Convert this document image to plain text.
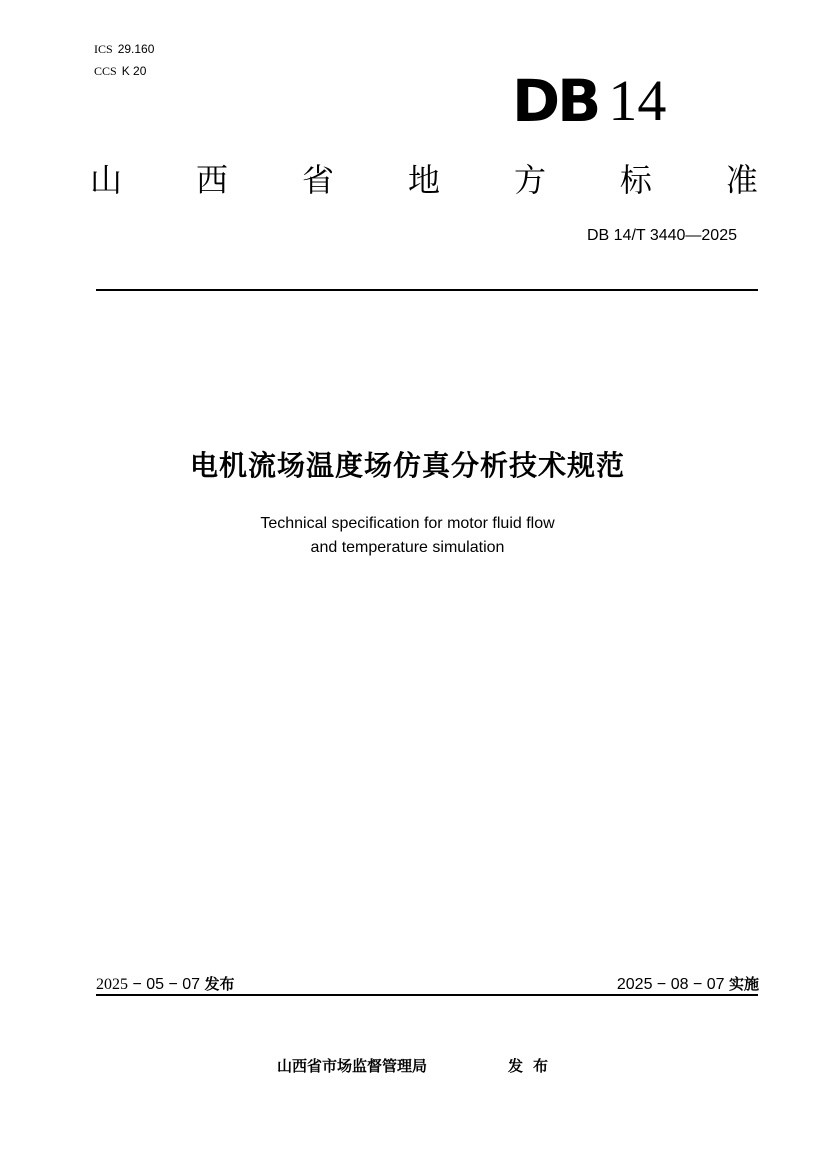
ICS 29.160
CCS K 20	DB 14
山 西 省 地 方 标 准
DB 14/T 3440—2025
电机流场温度场仿真分析技术规范
Technical specification for motor fluid flow
and temperature simulation
2025 − 05 − 07 发布	2025 − 08 − 07 实施
山西省市场监督管理局	发布
